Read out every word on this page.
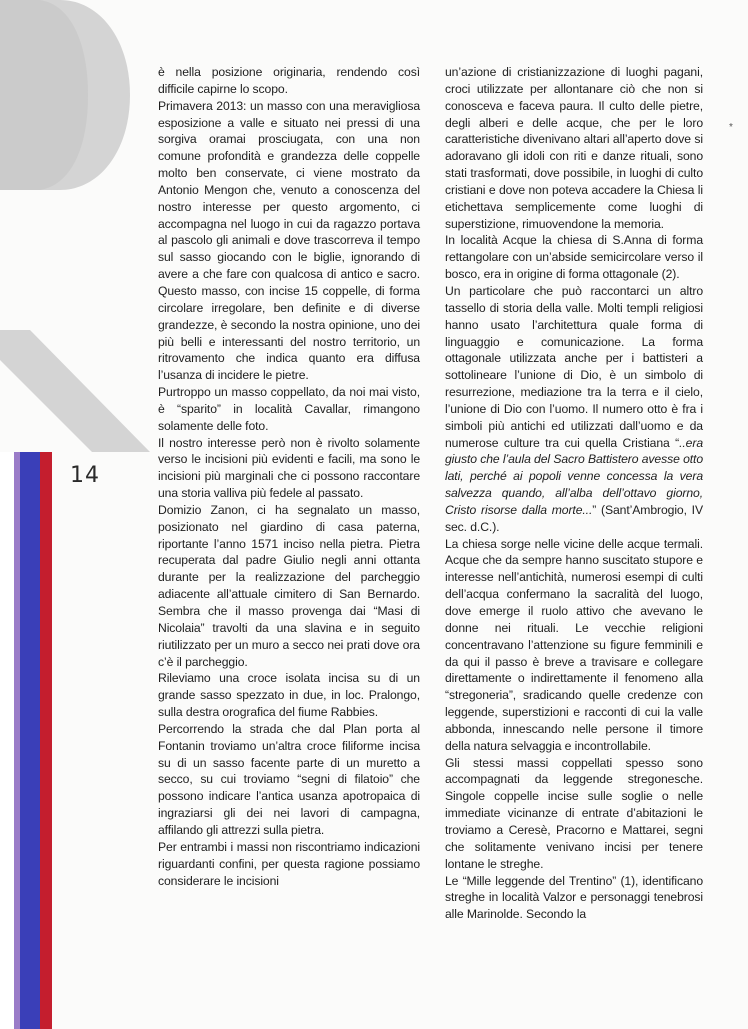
14
*

è nella posizione originaria, rendendo così difficile capirne lo scopo.

Primavera 2013: un masso con una meravigliosa esposizione a valle e situato nei pressi di una sorgiva oramai prosciugata, con una non comune profondità e grandezza delle coppelle molto ben conservate, ci viene mostrato da Antonio Mengon che, venuto a conoscenza del nostro interesse per questo argomento, ci accompagna nel luogo in cui da ragazzo portava al pascolo gli animali e dove trascorreva il tempo sul sasso giocando con le biglie, ignorando di avere a che fare con qualcosa di antico e sacro. Questo masso, con incise 15 coppelle, di forma circolare irregolare, ben definite e di diverse grandezze, è secondo la nostra opinione, uno dei più belli e interessanti del nostro territorio, un ritrovamento che indica quanto era diffusa l’usanza di incidere le pietre.

Purtroppo un masso coppellato, da noi mai visto, è “sparito” in località Cavallar, rimangono solamente delle foto.

Il nostro interesse però non è rivolto solamente verso le incisioni più evidenti e facili, ma sono le incisioni più marginali che ci possono raccontare una storia valliva più fedele al passato.

Domizio Zanon, ci ha segnalato un masso, posizionato nel giardino di casa paterna, riportante l’anno 1571 inciso nella pietra. Pietra recuperata dal padre Giulio negli anni ottanta durante per la realizzazione del parcheggio adiacente all’attuale cimitero di San Bernardo. Sembra che il masso provenga dai “Masi di Nicolaia” travolti da una slavina e in seguito riutilizzato per un muro a secco nei prati dove ora c’è il parcheggio.

Rileviamo una croce isolata incisa su di un grande sasso spezzato in due, in loc. Pralongo, sulla destra orografica del fiume Rabbies.

Percorrendo la strada che dal Plan porta al Fontanin troviamo un’altra croce filiforme incisa su di un sasso facente parte di un muretto a secco, su cui troviamo “segni di filatoio” che possono indicare l’antica usanza apotropaica di ingraziarsi gli dei nei lavori di campagna, affilando gli attrezzi sulla pietra.

Per entrambi i massi non riscontriamo indicazioni riguardanti confini, per questa ragione possiamo considerare le incisioni

un’azione di cristianizzazione di luoghi pagani, croci utilizzate per allontanare ciò che non si conosceva e faceva paura. Il culto delle pietre, degli alberi e delle acque, che per le loro caratteristiche divenivano altari all’aperto dove si adoravano gli idoli con riti e danze rituali, sono stati trasformati, dove possibile, in luoghi di culto cristiani e dove non poteva accadere la Chiesa li etichettava semplicemente come luoghi di superstizione, rimuovendone la memoria.

In località Acque la chiesa di S.Anna di forma rettangolare con un’abside semicircolare verso il bosco, era in origine di forma ottagonale (2).

Un particolare che può raccontarci un altro tassello di storia della valle. Molti templi religiosi hanno usato l’architettura quale forma di linguaggio e comunicazione. La forma ottagonale utilizzata anche per i battisteri a sottolineare l’unione di Dio, è un simbolo di resurrezione, mediazione tra la terra e il cielo, l’unione di Dio con l’uomo. Il numero otto è fra i simboli più antichi ed utilizzati dall’uomo e da numerose culture tra cui quella Cristiana “..era giusto che l’aula del Sacro Battistero avesse otto lati, perché ai popoli venne concessa la vera salvezza quando, all’alba dell’ottavo giorno, Cristo risorse dalla morte...” (Sant’Ambrogio, IV sec. d.C.).

La chiesa sorge nelle vicine delle acque termali. Acque che da sempre hanno suscitato stupore e interesse nell’antichità, numerosi esempi di culti dell’acqua confermano la sacralità del luogo, dove emerge il ruolo attivo che avevano le donne nei rituali. Le vecchie religioni concentravano l’attenzione su figure femminili e da qui il passo è breve a travisare e collegare direttamente o indirettamente il fenomeno alla “stregoneria”, sradicando quelle credenze con leggende, superstizioni e racconti di cui la valle abbonda, innescando nelle persone il timore della natura selvaggia e incontrollabile.

Gli stessi massi coppellati spesso sono accompagnati da leggende stregonesche. Singole coppelle incise sulle soglie o nelle immediate vicinanze di entrate d’abitazioni le troviamo a Ceresè, Pracorno e Mattarei, segni che solitamente venivano incisi per tenere lontane le streghe.

Le “Mille leggende del Trentino” (1), identificano streghe in località Valzor e personaggi tenebrosi alle Marinolde. Secondo la
